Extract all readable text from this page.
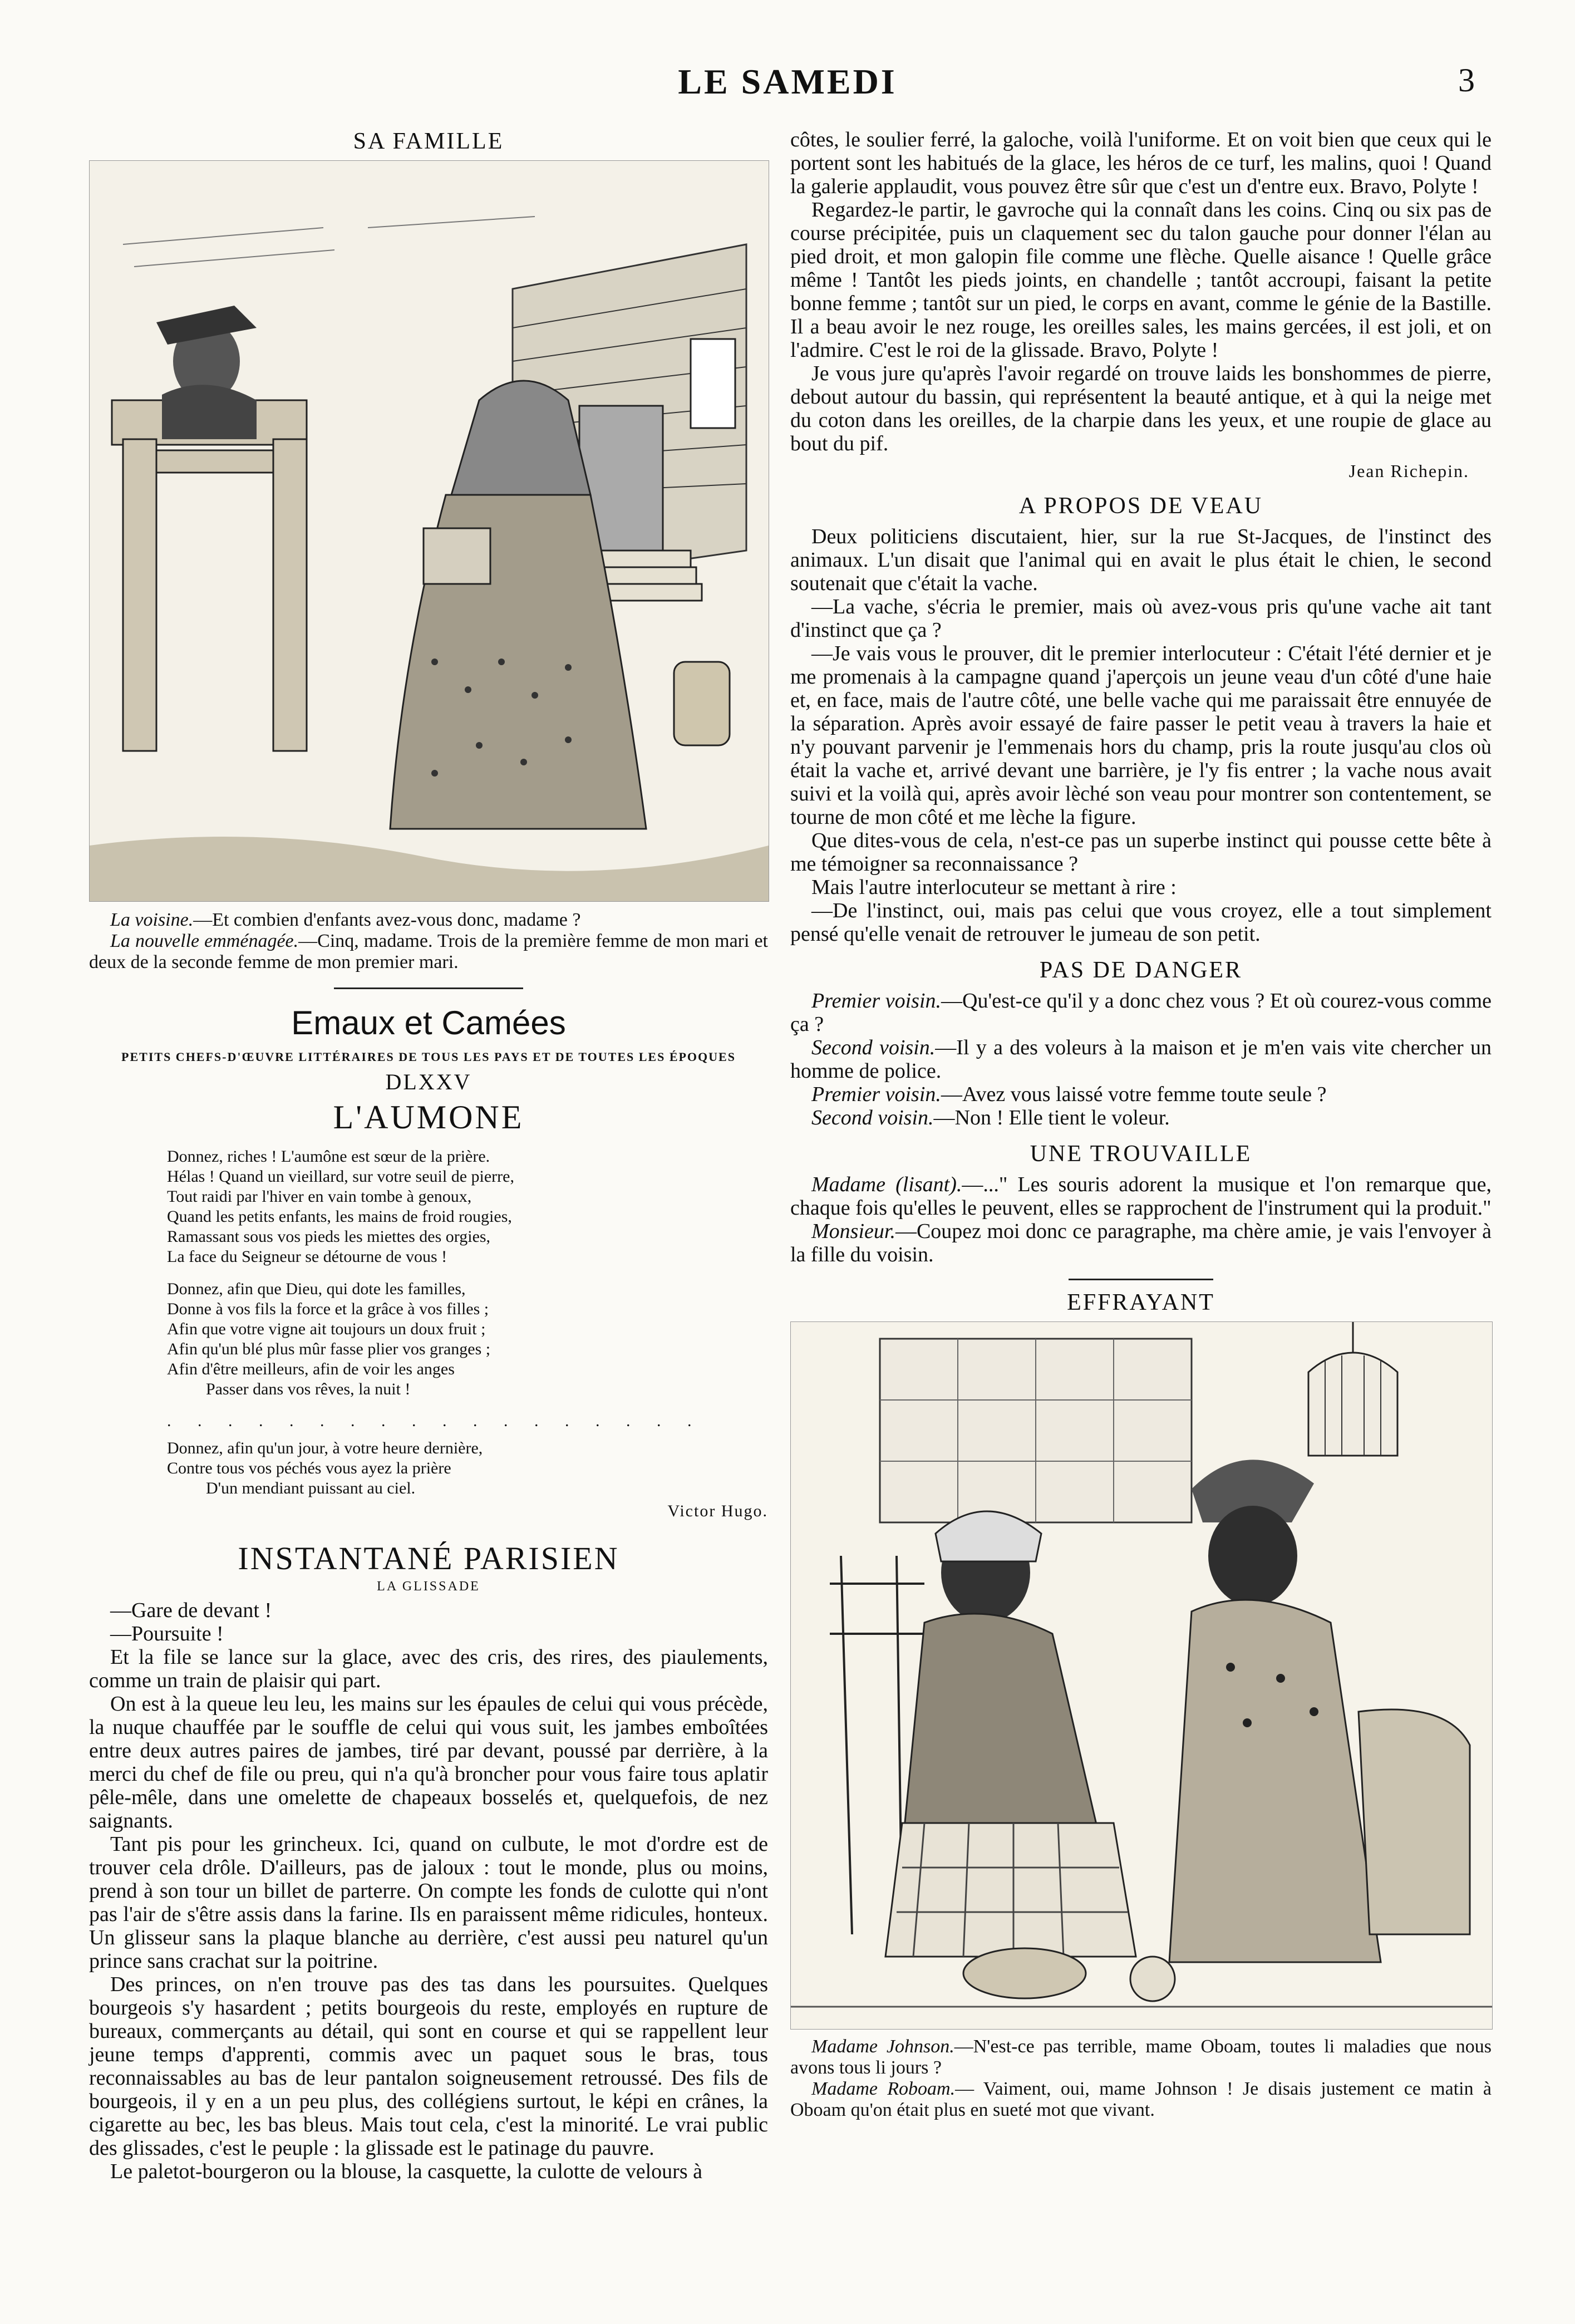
LE SAMEDI	3
SA FAMILLE
La voisine.—Et combien d'enfants avez-vous donc, madame ?
La nouvelle emménagée.—Cinq, madame. Trois de la première femme de mon mari et deux de la seconde femme de mon premier mari.
Emaux et Camées
PETITS CHEFS-D'ŒUVRE LITTÉRAIRES DE TOUS LES PAYS ET DE TOUTES LES ÉPOQUES
DLXXV
L'AUMONE
Donnez, riches ! L'aumône est sœur de la prière.
Hélas ! Quand un vieillard, sur votre seuil de pierre,
Tout raidi par l'hiver en vain tombe à genoux,
Quand les petits enfants, les mains de froid rougies,
Ramassant sous vos pieds les miettes des orgies,
La face du Seigneur se détourne de vous !
Donnez, afin que Dieu, qui dote les familles,
Donne à vos fils la force et la grâce à vos filles ;
Afin que votre vigne ait toujours un doux fruit ;
Afin qu'un blé plus mûr fasse plier vos granges ;
Afin d'être meilleurs, afin de voir les anges
Passer dans vos rêves, la nuit !
. . . . . . . . . . . . . . . . . .
Donnez, afin qu'un jour, à votre heure dernière,
Contre tous vos péchés vous ayez la prière
D'un mendiant puissant au ciel.
Victor Hugo.
INSTANTANÉ PARISIEN
LA GLISSADE

—Gare de devant !

—Poursuite !

Et la file se lance sur la glace, avec des cris, des rires, des piaulements, comme un train de plaisir qui part.

On est à la queue leu leu, les mains sur les épaules de celui qui vous précède, la nuque chauffée par le souffle de celui qui vous suit, les jambes emboîtées entre deux autres paires de jambes, tiré par devant, poussé par derrière, à la merci du chef de file ou preu, qui n'a qu'à broncher pour vous faire tous aplatir pêle-mêle, dans une omelette de chapeaux bosselés et, quelquefois, de nez saignants.

Tant pis pour les grincheux. Ici, quand on culbute, le mot d'ordre est de trouver cela drôle. D'ailleurs, pas de jaloux : tout le monde, plus ou moins, prend à son tour un billet de parterre. On compte les fonds de culotte qui n'ont pas l'air de s'être assis dans la farine. Ils en paraissent même ridicules, honteux. Un glisseur sans la plaque blanche au derrière, c'est aussi peu naturel qu'un prince sans crachat sur la poitrine.

Des princes, on n'en trouve pas des tas dans les poursuites. Quelques bourgeois s'y hasardent ; petits bourgeois du reste, employés en rupture de bureaux, commerçants au détail, qui sont en course et qui se rappellent leur jeune temps d'apprenti, commis avec un paquet sous le bras, tous reconnaissables au bas de leur pantalon soigneusement retroussé. Des fils de bourgeois, il y en a un peu plus, des collégiens surtout, le képi en crânes, la cigarette au bec, les bas bleus. Mais tout cela, c'est la minorité. Le vrai public des glissades, c'est le peuple : la glissade est le patinage du pauvre.

Le paletot-bourgeron ou la blouse, la casquette, la culotte de velours à

côtes, le soulier ferré, la galoche, voilà l'uniforme. Et on voit bien que ceux qui le portent sont les habitués de la glace, les héros de ce turf, les malins, quoi ! Quand la galerie applaudit, vous pouvez être sûr que c'est un d'entre eux. Bravo, Polyte !

Regardez-le partir, le gavroche qui la connaît dans les coins. Cinq ou six pas de course précipitée, puis un claquement sec du talon gauche pour donner l'élan au pied droit, et mon galopin file comme une flèche. Quelle aisance ! Quelle grâce même ! Tantôt les pieds joints, en chandelle ; tantôt accroupi, faisant la petite bonne femme ; tantôt sur un pied, le corps en avant, comme le génie de la Bastille. Il a beau avoir le nez rouge, les oreilles sales, les mains gercées, il est joli, et on l'admire. C'est le roi de la glissade. Bravo, Polyte !

Je vous jure qu'après l'avoir regardé on trouve laids les bonshommes de pierre, debout autour du bassin, qui représentent la beauté antique, et à qui la neige met du coton dans les oreilles, de la charpie dans les yeux, et une roupie de glace au bout du pif.

Jean Richepin.
A PROPOS DE VEAU

Deux politiciens discutaient, hier, sur la rue St-Jacques, de l'instinct des animaux. L'un disait que l'animal qui en avait le plus était le chien, le second soutenait que c'était la vache.

—La vache, s'écria le premier, mais où avez-vous pris qu'une vache ait tant d'instinct que ça ?

—Je vais vous le prouver, dit le premier interlocuteur : C'était l'été dernier et je me promenais à la campagne quand j'aperçois un jeune veau d'un côté d'une haie et, en face, mais de l'autre côté, une belle vache qui me paraissait être ennuyée de la séparation. Après avoir essayé de faire passer le petit veau à travers la haie et n'y pouvant parvenir je l'emmenais hors du champ, pris la route jusqu'au clos où était la vache et, arrivé devant une barrière, je l'y fis entrer ; la vache nous avait suivi et la voilà qui, après avoir lèché son veau pour montrer son contentement, se tourne de mon côté et me lèche la figure.

Que dites-vous de cela, n'est-ce pas un superbe instinct qui pousse cette bête à me témoigner sa reconnaissance ?

Mais l'autre interlocuteur se mettant à rire :

—De l'instinct, oui, mais pas celui que vous croyez, elle a tout simplement pensé qu'elle venait de retrouver le jumeau de son petit.

PAS DE DANGER

Premier voisin.—Qu'est-ce qu'il y a donc chez vous ? Et où courez-vous comme ça ?

Second voisin.—Il y a des voleurs à la maison et je m'en vais vite chercher un homme de police.

Premier voisin.—Avez vous laissé votre femme toute seule ?

Second voisin.—Non ! Elle tient le voleur.

UNE TROUVAILLE

Madame (lisant).—..." Les souris adorent la musique et l'on remarque que, chaque fois qu'elles le peuvent, elles se rapprochent de l'instrument qui la produit."

Monsieur.—Coupez moi donc ce paragraphe, ma chère amie, je vais l'envoyer à la fille du voisin.

EFFRAYANT
Madame Johnson.—N'est-ce pas terrible, mame Oboam, toutes li maladies que nous avons tous li jours ?
Madame Roboam.— Vaiment, oui, mame Johnson ! Je disais justement ce matin à Oboam qu'on était plus en sueté mot que vivant.
